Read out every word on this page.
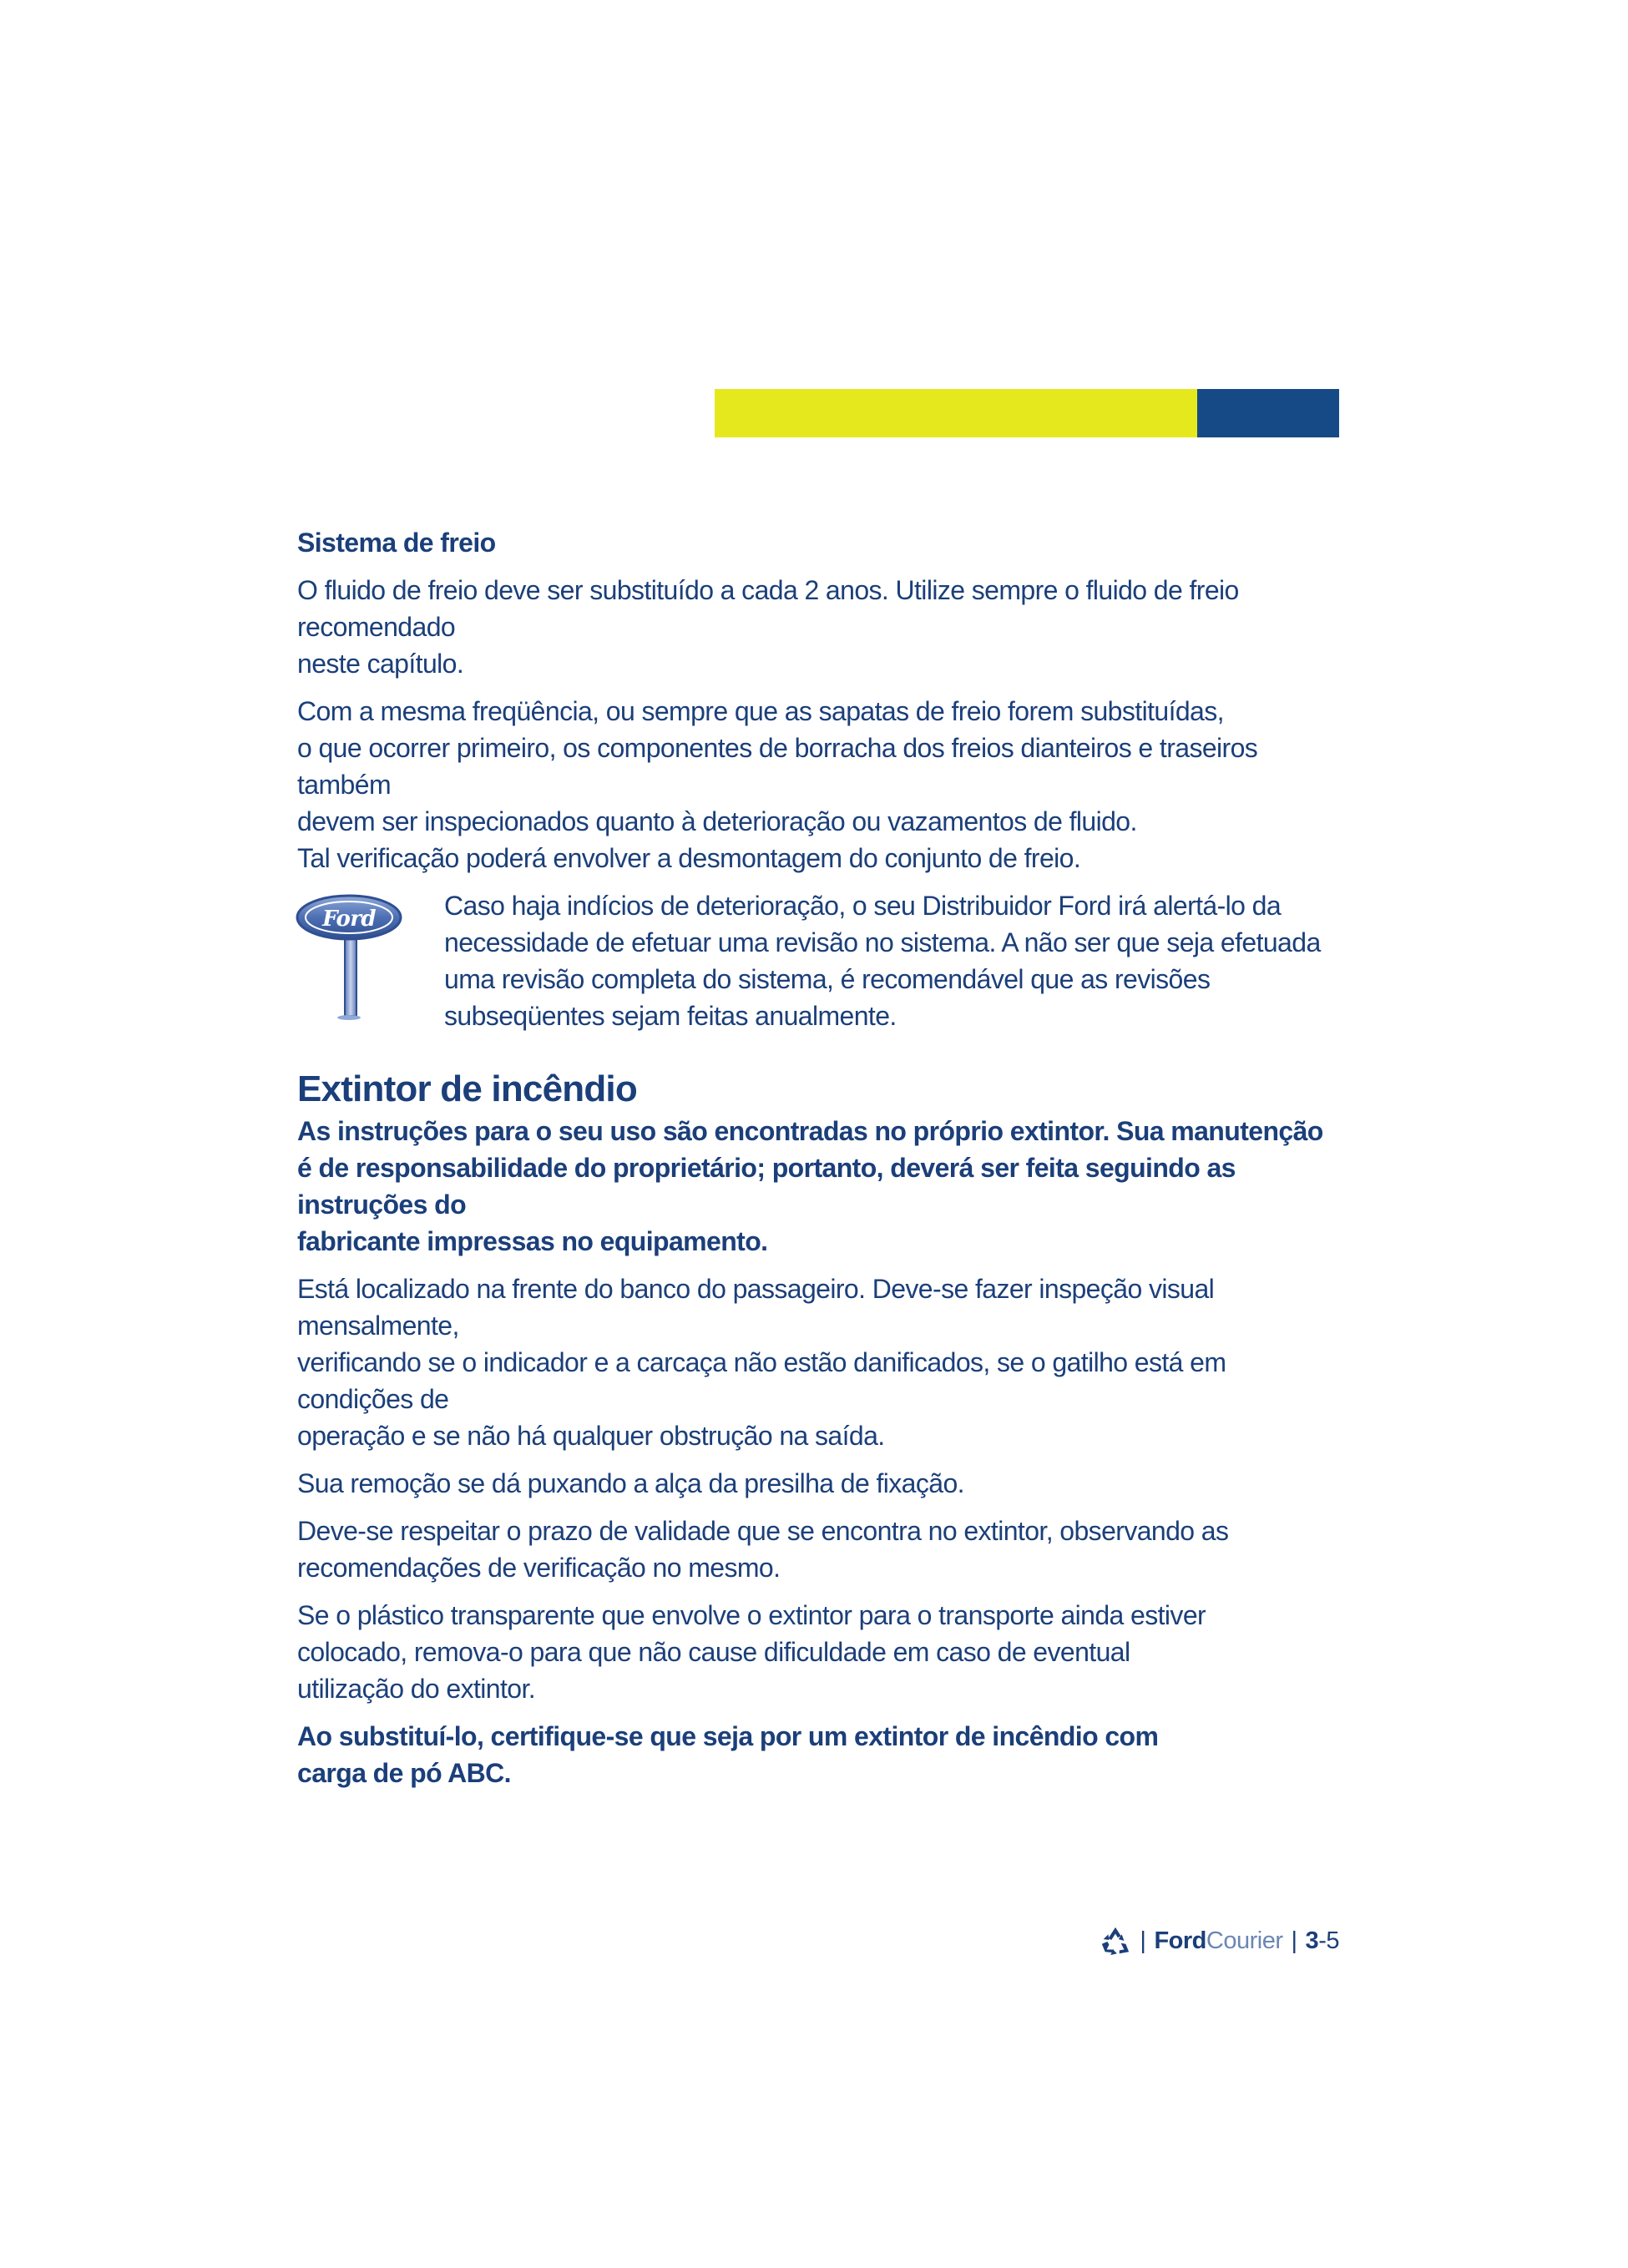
Sistema de freio

O fluido de freio deve ser substituído a cada 2 anos. Utilize sempre o fluido de freio recomendado
neste capítulo.

Com a mesma freqüência, ou sempre que as sapatas de freio forem substituídas,
o que ocorrer primeiro, os componentes de borracha dos freios dianteiros e traseiros também
devem ser inspecionados quanto à deterioração ou vazamentos de fluido.
Tal verificação poderá envolver a desmontagem do conjunto de freio.

Ford	Caso haja indícios de deterioração, o seu Distribuidor Ford irá alertá-lo da
necessidade de efetuar uma revisão no sistema. A não ser que seja efetuada
uma revisão completa do sistema, é recomendável que as revisões
subseqüentes sejam feitas anualmente.
Extintor de incêndio

As instruções para o seu uso são encontradas no próprio extintor. Sua manutenção
é de responsabilidade do proprietário; portanto, deverá ser feita seguindo as instruções do
fabricante impressas no equipamento.

Está localizado na frente do banco do passageiro. Deve-se fazer inspeção visual mensalmente,
verificando se o indicador e a carcaça não estão danificados, se o gatilho está em condições de
operação e se não há qualquer obstrução na saída.

Sua remoção se dá puxando a alça da presilha de fixação.

Deve-se respeitar o prazo de validade que se encontra no extintor, observando as
recomendações de verificação no mesmo.

Se o plástico transparente que envolve o extintor para o transporte ainda estiver
colocado, remova-o para que não cause dificuldade em caso de eventual
utilização do extintor.

Ao substituí-lo, certifique-se que seja por um extintor de incêndio com
carga de pó ABC.

| FordCourier | 3-5
